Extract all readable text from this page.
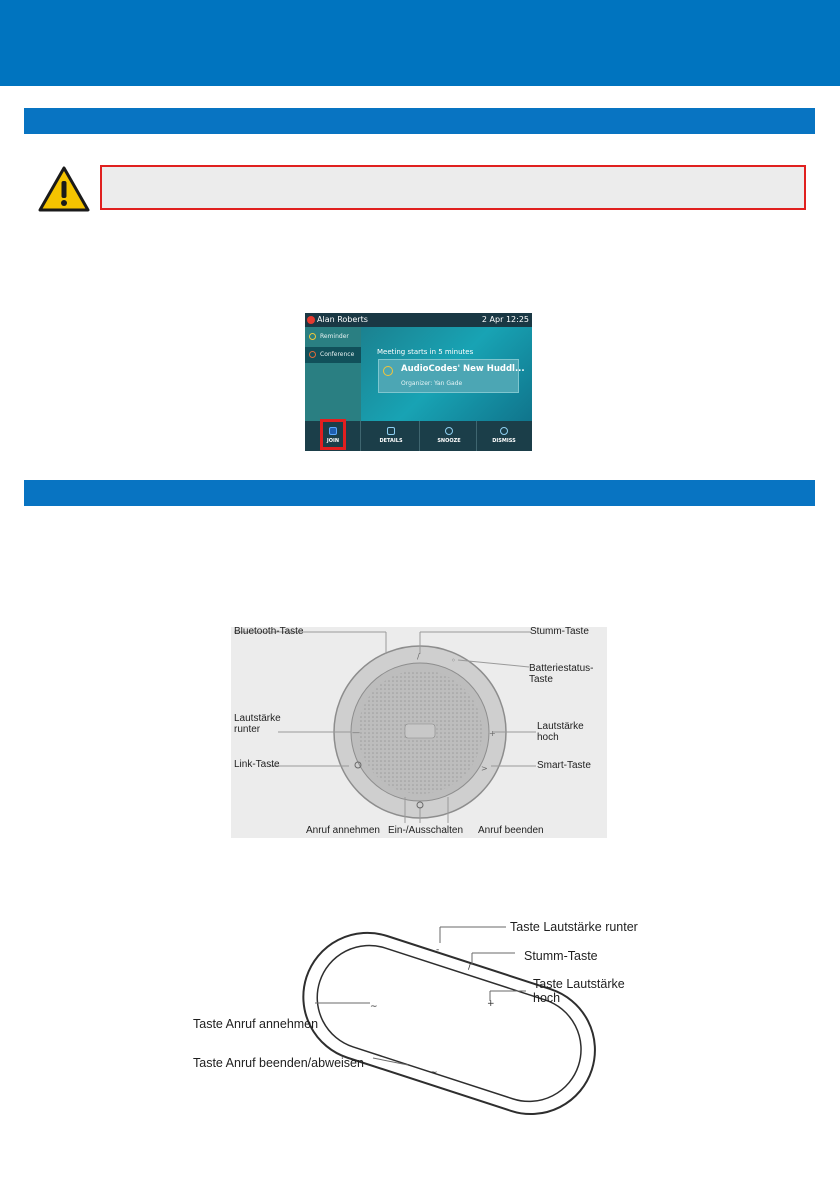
Alan Roberts	2 Apr 12:25
Reminder
Conference	Meeting starts in 5 minutes
AudioCodes' New Huddl...
Organizer: Yan Gade
JOIN	DETAILS	SNOOZE	DISMISS
—	+
/	◦
>
Bluetooth-Taste	Stumm-Taste
Batteriestatus-
Taste
Lautstärke
runter	Lautstärke
hoch
Link-Taste	Smart-Taste
Anruf annehmen Ein-/Ausschalten Anruf beenden
-
/
+
~
~
Taste Lautstärke runter
Stumm-Taste
Taste Lautstärke
hoch
Taste Anruf annehmen
Taste Anruf beenden/abweisen
